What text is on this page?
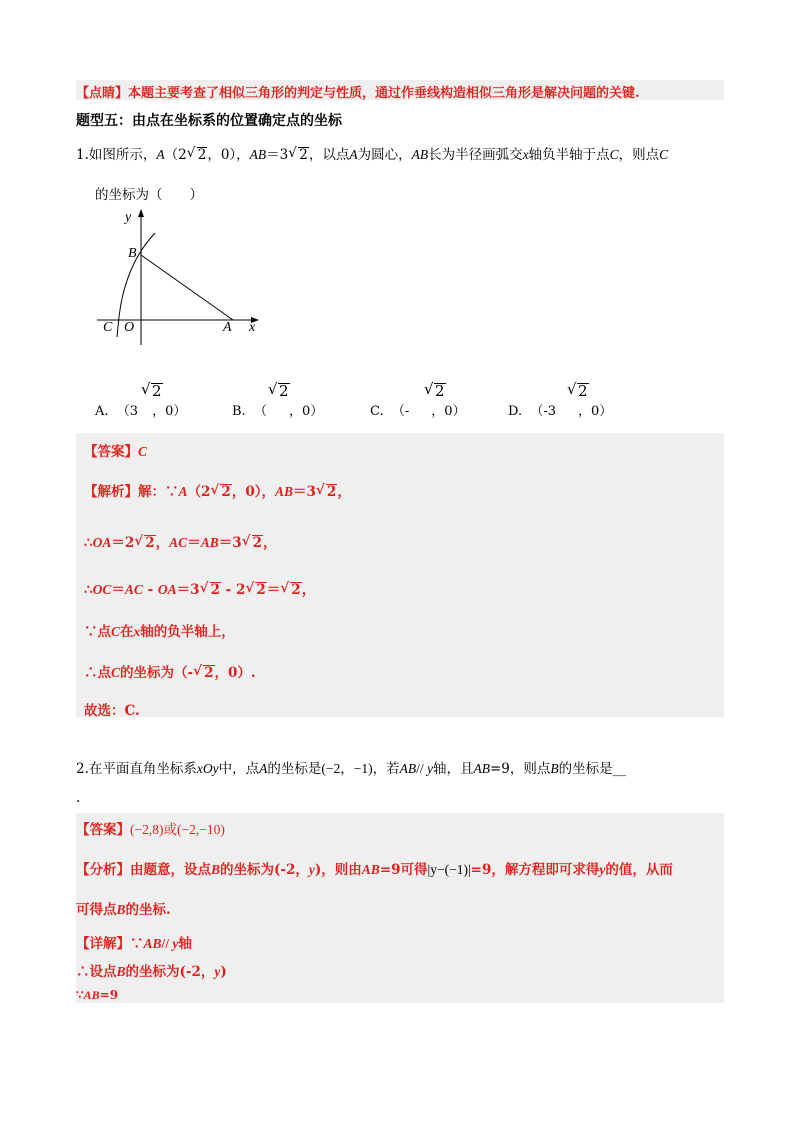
【点睛】本题主要考查了相似三角形的判定与性质，通过作垂线构造相似三角形是解决问题的关键.
题型五：由点在坐标系的位置确定点的坐标
1.如图所示，A（2 √ 2，0），AB＝3 √ 2，以点A为圆心，AB长为半径画弧交x轴负半轴于点C，则点C
的坐标为（　　）
y
B
C O	A x
A. （3 ，0）
√ 2
B. （ ，0）
√ 2
C. （- ，0）
√ 2
D. （-3 ，0）
√ 2
【答案】C
【解析】解：∵A（2 √ 2，0），AB＝3 √ 2，
∴OA＝2 √ 2，AC＝AB＝3 √ 2，
∴OC＝AC - OA＝3 √ 2 - 2 √ 2＝ √ 2，
∵点C在x轴的负半轴上，
∴点C的坐标为（- √ 2，0）.
故选：C.
2.在平面直角坐标系xOy中，点A的坐标是(−2，−1)，若AB// y轴，且AB=9，则点B的坐标是__
.
【答案】(−2,8)或(−2,−10)
【分析】由题意，设点B的坐标为(-2，y)，则由AB=9可得|y−(−1)|=9，解方程即可求得y的值，从而
可得点B的坐标.
【详解】∵AB// y轴
∴设点B的坐标为(-2，y)
∵AB=9
